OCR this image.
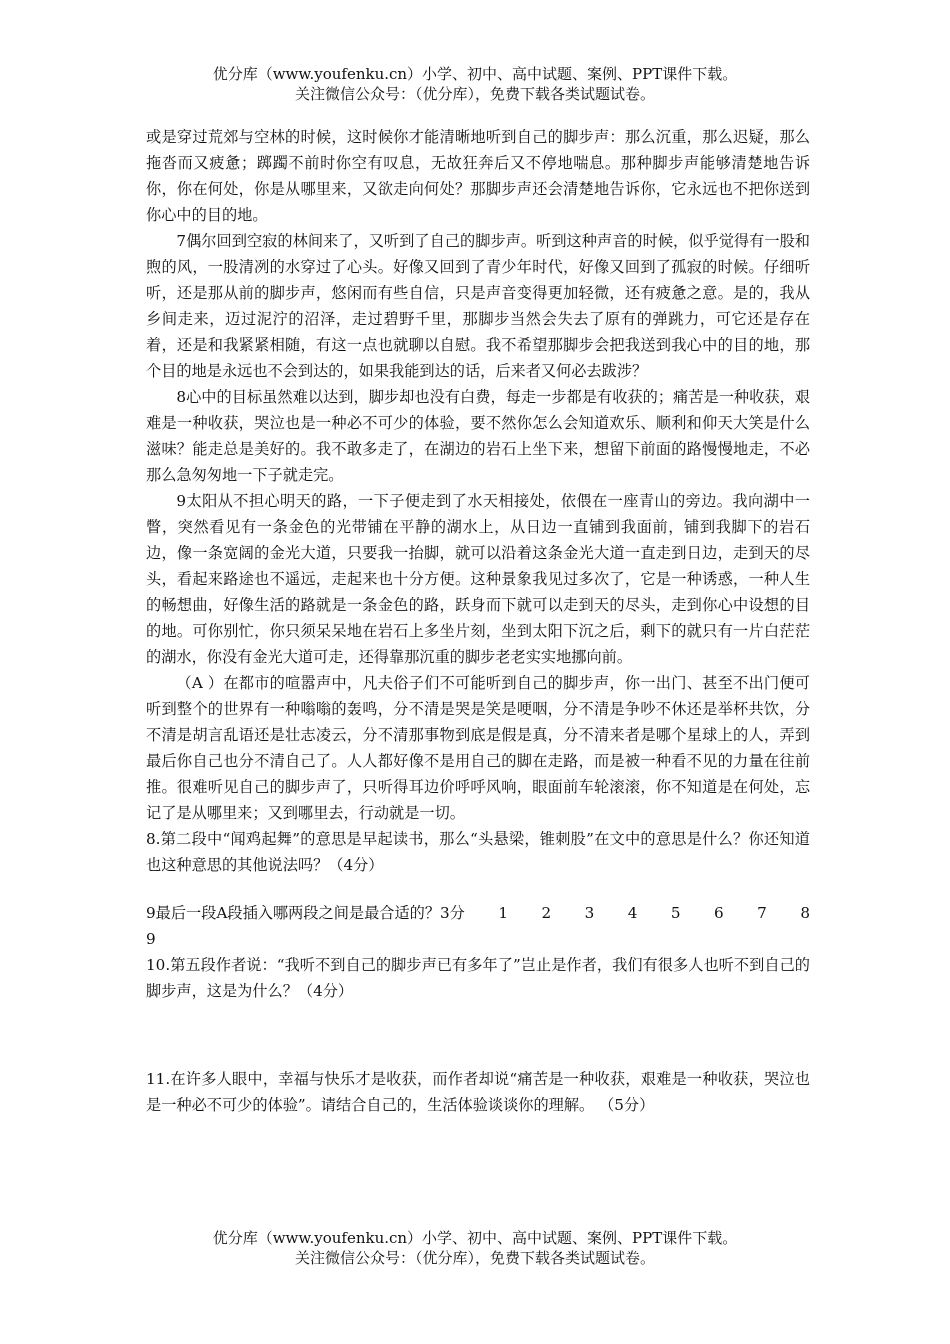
优分库（www.youfenku.cn）小学、初中、高中试题、案例、PPT课件下载。
关注微信公众号：（优分库），免费下载各类试题试卷。

或是穿过荒郊与空林的时候，这时候你才能清晰地听到自己的脚步声：那么沉重，那么迟疑，那么拖沓而又疲惫；踯躅不前时你空有叹息，无故狂奔后又不停地喘息。那种脚步声能够清楚地告诉你，你在何处，你是从哪里来，又欲走向何处？那脚步声还会清楚地告诉你，它永远也不把你送到你心中的目的地。

7偶尔回到空寂的林间来了，又听到了自己的脚步声。听到这种声音的时候，似乎觉得有一股和煦的风，一股清冽的水穿过了心头。好像又回到了青少年时代，好像又回到了孤寂的时候。仔细听听，还是那从前的脚步声，悠闲而有些自信，只是声音变得更加轻微，还有疲惫之意。是的，我从乡间走来，迈过泥泞的沼泽，走过碧野千里，那脚步当然会失去了原有的弹跳力，可它还是存在着，还是和我紧紧相随，有这一点也就聊以自慰。我不希望那脚步会把我送到我心中的目的地，那个目的地是永远也不会到达的，如果我能到达的话，后来者又何必去跋涉？

8心中的目标虽然难以达到，脚步却也没有白费，每走一步都是有收获的；痛苦是一种收获，艰难是一种收获，哭泣也是一种必不可少的体验，要不然你怎么会知道欢乐、顺利和仰天大笑是什么滋味？能走总是美好的。我不敢多走了，在湖边的岩石上坐下来，想留下前面的路慢慢地走，不必那么急匆匆地一下子就走完。

9太阳从不担心明天的路，一下子便走到了水天相接处，依偎在一座青山的旁边。我向湖中一瞥，突然看见有一条金色的光带铺在平静的湖水上，从日边一直铺到我面前，铺到我脚下的岩石边，像一条宽阔的金光大道，只要我一抬脚，就可以沿着这条金光大道一直走到日边，走到天的尽头，看起来路途也不遥远，走起来也十分方便。这种景象我见过多次了，它是一种诱惑，一种人生的畅想曲，好像生活的路就是一条金色的路，跃身而下就可以走到天的尽头，走到你心中设想的目的地。可你别忙，你只须呆呆地在岩石上多坐片刻，坐到太阳下沉之后，剩下的就只有一片白茫茫的湖水，你没有金光大道可走，还得靠那沉重的脚步老老实实地挪向前。

（A ）在都市的喧嚣声中，凡夫俗子们不可能听到自己的脚步声，你一出门、甚至不出门便可听到整个的世界有一种嗡嗡的轰鸣，分不清是哭是笑是哽咽，分不清是争吵不休还是举杯共饮，分不清是胡言乱语还是壮志凌云，分不清那事物到底是假是真，分不清来者是哪个星球上的人，弄到最后你自己也分不清自己了。人人都好像不是用自己的脚在走路，而是被一种看不见的力量在往前推。很难听见自己的脚步声了，只听得耳边价呼呼风响，眼面前车轮滚滚，你不知道是在何处，忘记了是从哪里来；又到哪里去，行动就是一切。

8.第二段中“闻鸡起舞”的意思是早起读书，那么“头悬梁，锥刺股”在文中的意思是什么？你还知道也这种意思的其他说法吗？（4分）

9最后一段A段插入哪两段之间是最合适的？3分 1 2 3 4 5 6 7 8
9

10.第五段作者说：“我听不到自己的脚步声已有多年了”岂止是作者，我们有很多人也听不到自己的脚步声，这是为什么？（4分）

11.在许多人眼中，幸福与快乐才是收获，而作者却说“痛苦是一种收获，艰难是一种收获，哭泣也是一种必不可少的体验”。请结合自己的，生活体验谈谈你的理解。 （5分）

优分库（www.youfenku.cn）小学、初中、高中试题、案例、PPT课件下载。
关注微信公众号：（优分库），免费下载各类试题试卷。
